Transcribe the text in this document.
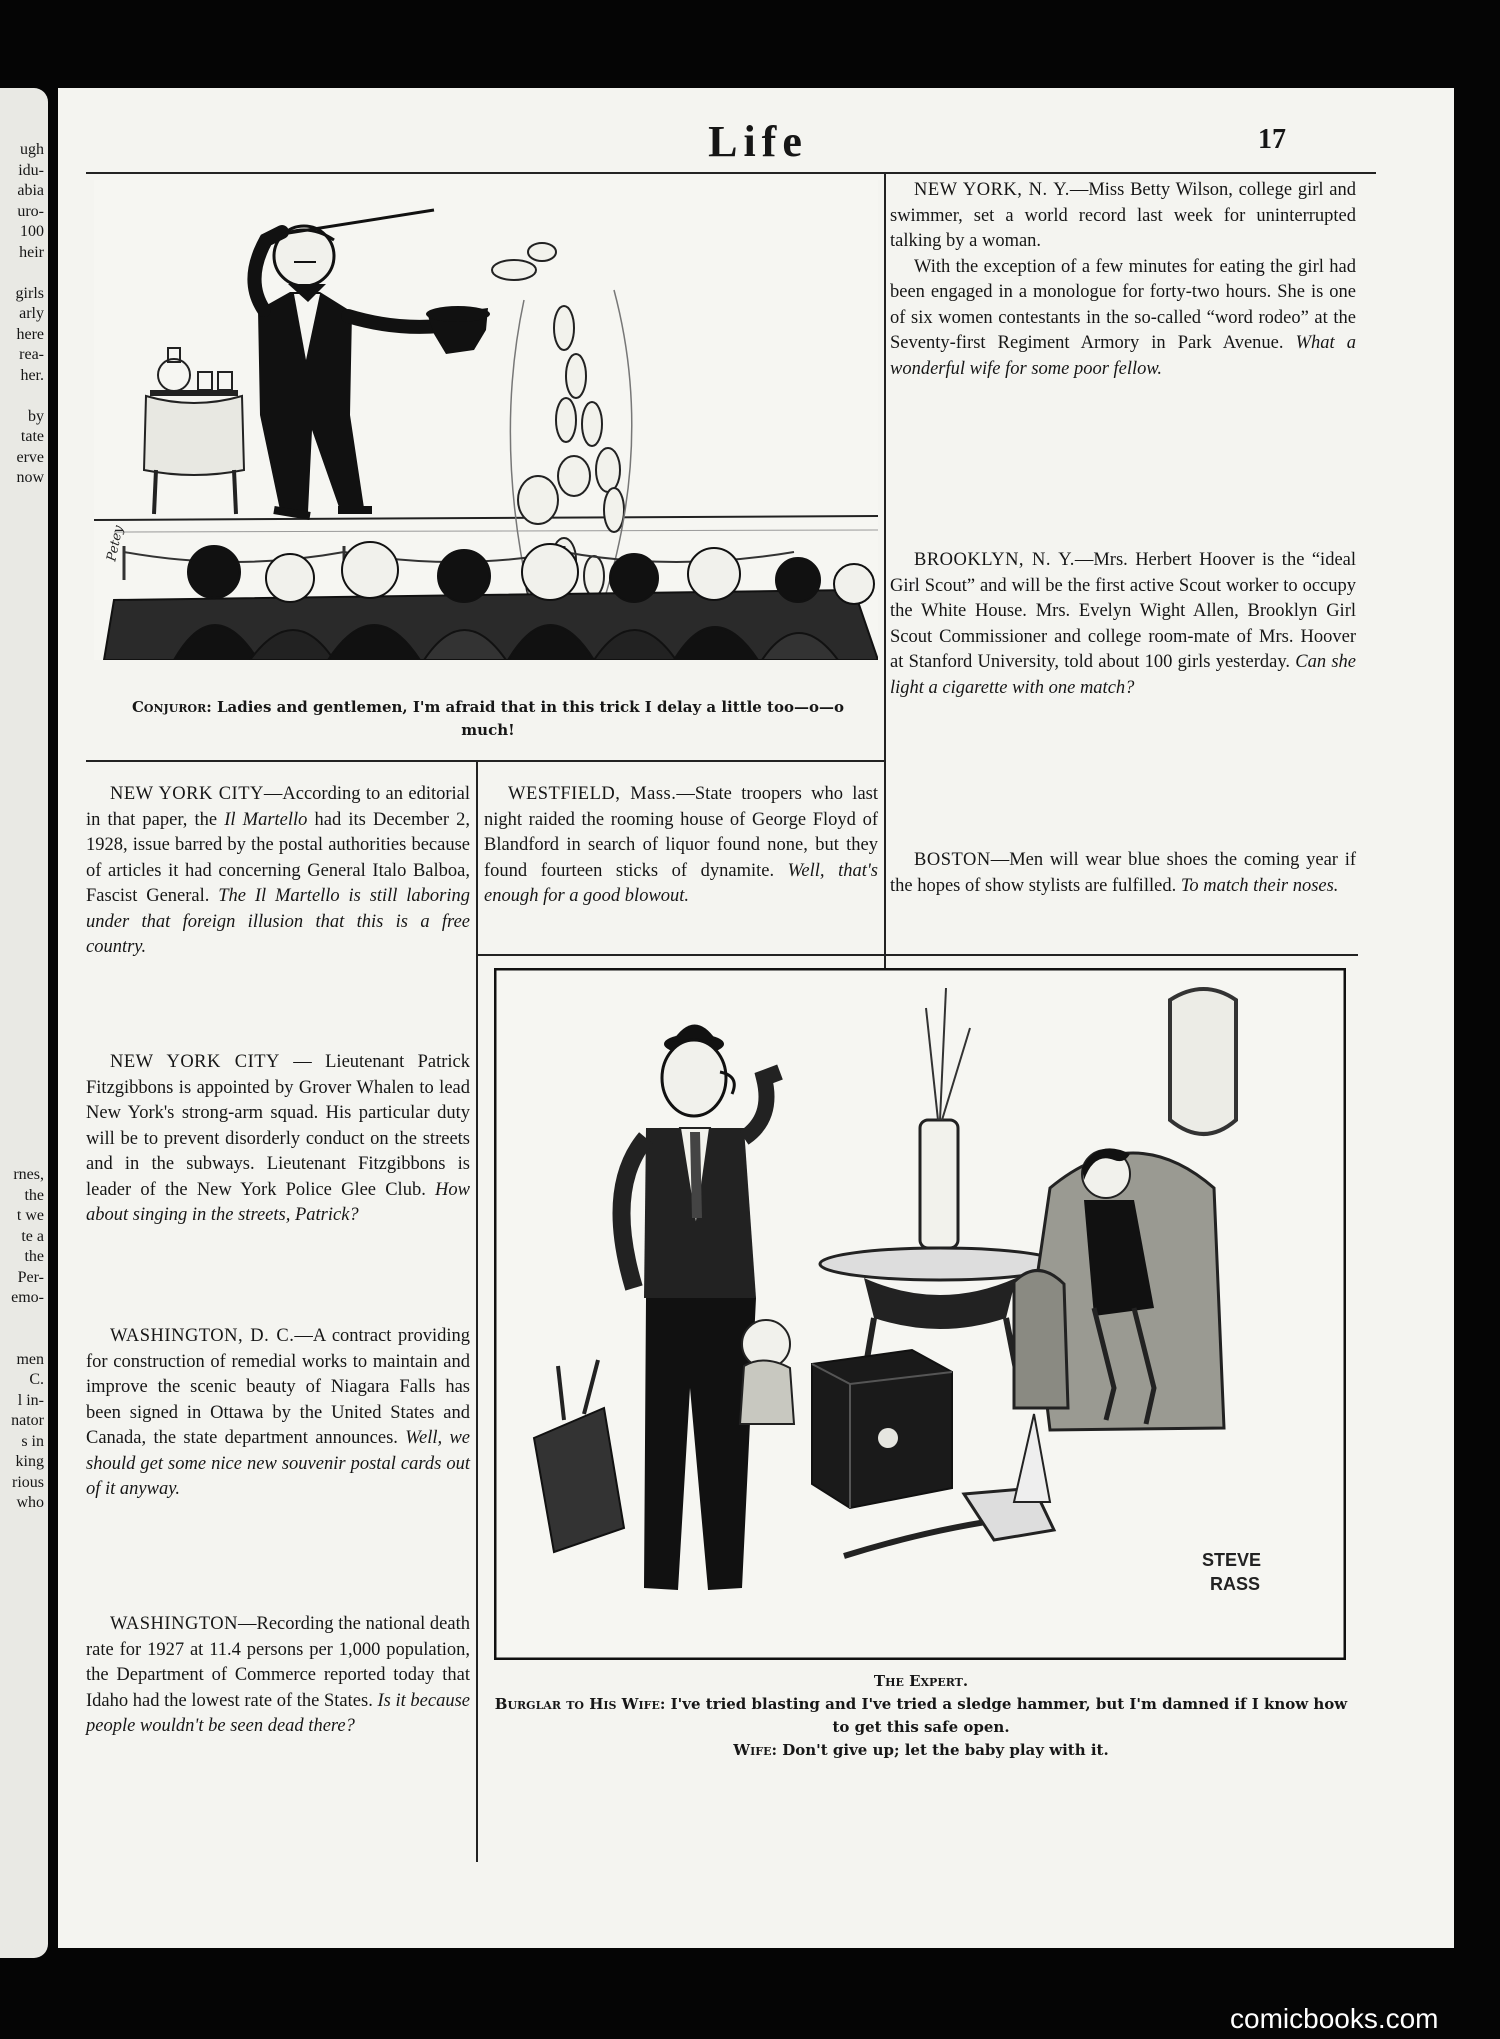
ugh
idu-
abia
uro-
100
heir
girls
arly
here
rea-
her.
by
tate
erve
now
rnes,
the
t we
te a
the
Per-
emo-
men
C.
l in-
nator
s in
king
rious
who
Life	17
Petey
Conjuror: Ladies and gentlemen, I'm afraid that in this trick I delay a little too—o—o much!

NEW YORK, N. Y.—Miss Betty Wilson, college girl and swimmer, set a world record last week for uninterrupted talking by a woman.

With the exception of a few minutes for eating the girl had been engaged in a monologue for forty-two hours. She is one of six women contestants in the so-called “word rodeo” at the Seventy-first Regiment Armory in Park Avenue. What a wonderful wife for some poor fellow.

BROOKLYN, N. Y.—Mrs. Herbert Hoover is the “ideal Girl Scout” and will be the first active Scout worker to occupy the White House. Mrs. Evelyn Wight Allen, Brooklyn Girl Scout Commissioner and college room-mate of Mrs. Hoover at Stanford University, told about 100 girls yesterday. Can she light a cigarette with one match?

BOSTON—Men will wear blue shoes the coming year if the hopes of show stylists are fulfilled. To match their noses.

NEW YORK CITY—According to an editorial in that paper, the Il Martello had its December 2, 1928, issue barred by the postal authorities because of articles it had concerning General Italo Balboa, Fascist General. The Il Martello is still laboring under that foreign illusion that this is a free country.

NEW YORK CITY — Lieutenant Patrick Fitzgibbons is appointed by Grover Whalen to lead New York's strong-arm squad. His particular duty will be to prevent disorderly conduct on the streets and in the subways. Lieutenant Fitzgibbons is leader of the New York Police Glee Club. How about singing in the streets, Patrick?

WASHINGTON, D. C.—A contract providing for construction of remedial works to maintain and improve the scenic beauty of Niagara Falls has been signed in Ottawa by the United States and Canada, the state department announces. Well, we should get some nice new souvenir postal cards out of it anyway.

WASHINGTON—Recording the national death rate for 1927 at 11.4 persons per 1,000 population, the Department of Commerce reported today that Idaho had the lowest rate of the States. Is it because people wouldn't be seen dead there?

WESTFIELD, Mass.—State troopers who last night raided the rooming house of George Floyd of Blandford in search of liquor found none, but they found fourteen sticks of dynamite. Well, that's enough for a good blowout.

STEVE
RASS
The Expert.
Burglar to His Wife: I've tried blasting and I've tried a sledge hammer, but I'm damned if I know how to get this safe open.
Wife: Don't give up; let the baby play with it.
comicbooks.com
